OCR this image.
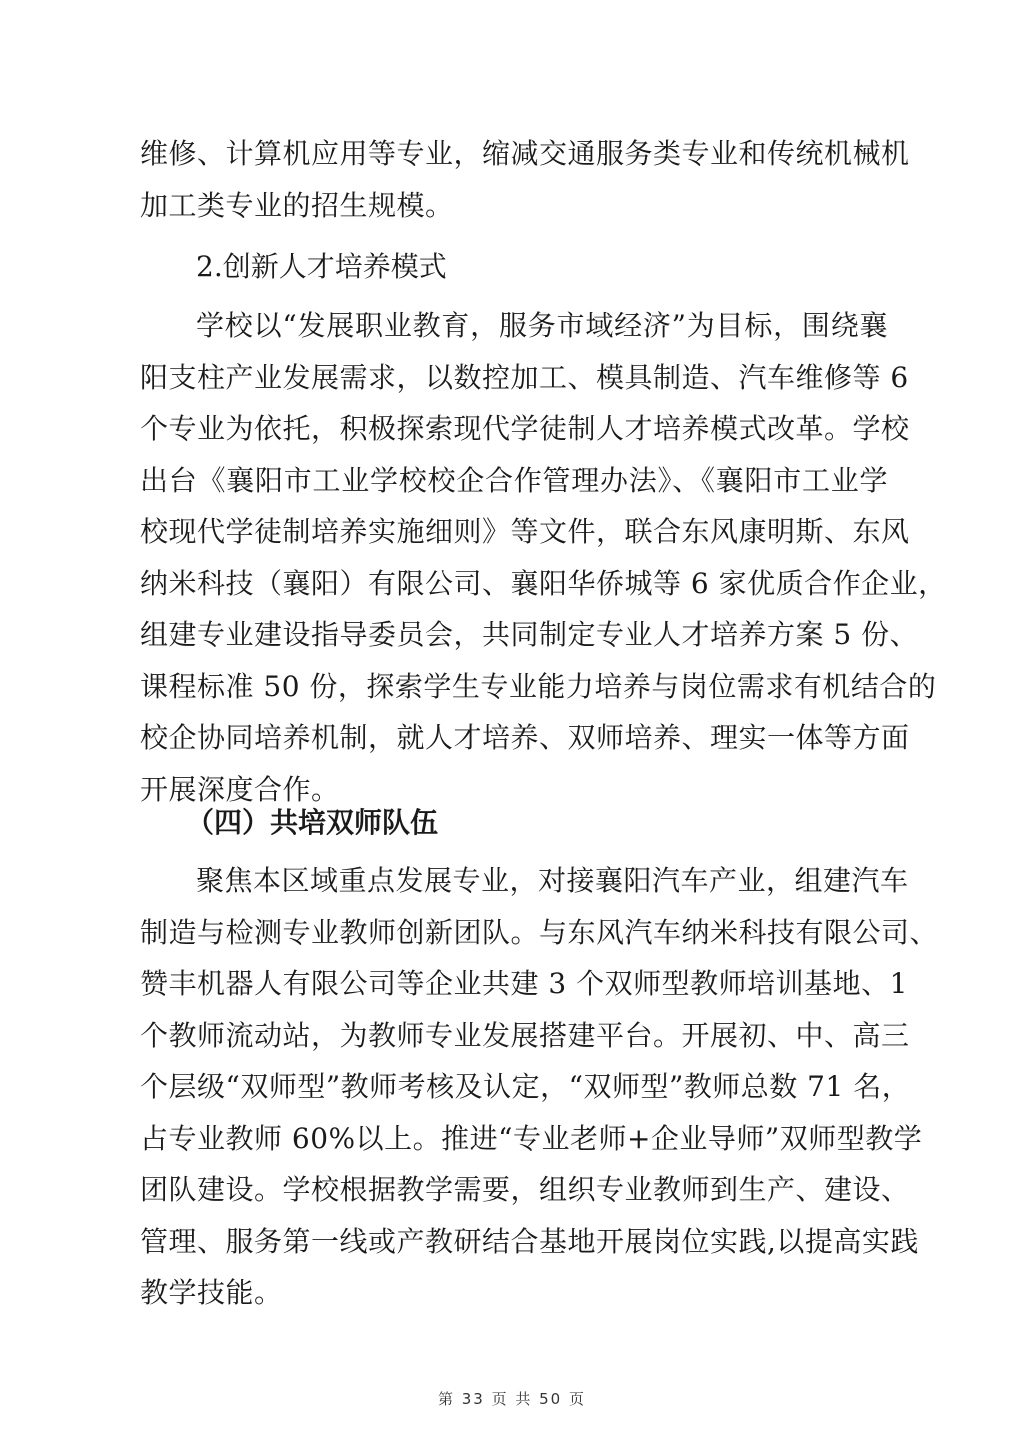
维修、计算机应用等专业，缩减交通服务类专业和传统机械机
加工类专业的招生规模。
2.创新人才培养模式
学校以“发展职业教育，服务市域经济”为目标，围绕襄
阳支柱产业发展需求，以数控加工、模具制造、汽车维修等 6
个专业为依托，积极探索现代学徒制人才培养模式改革。学校
出台《襄阳市工业学校校企合作管理办法》、《襄阳市工业学
校现代学徒制培养实施细则》等文件，联合东风康明斯、东风
纳米科技（襄阳）有限公司、襄阳华侨城等 6 家优质合作企业，
组建专业建设指导委员会，共同制定专业人才培养方案 5 份、
课程标准 50 份，探索学生专业能力培养与岗位需求有机结合的
校企协同培养机制，就人才培养、双师培养、理实一体等方面
开展深度合作。
（四）共培双师队伍
聚焦本区域重点发展专业，对接襄阳汽车产业，组建汽车
制造与检测专业教师创新团队。与东风汽车纳米科技有限公司、
赞丰机器人有限公司等企业共建 3 个双师型教师培训基地、1
个教师流动站，为教师专业发展搭建平台。开展初、中、高三
个层级“双师型”教师考核及认定，“双师型”教师总数 71 名，
占专业教师 60%以上。推进“专业老师+企业导师”双师型教学
团队建设。学校根据教学需要，组织专业教师到生产、建设、
管理、服务第一线或产教研结合基地开展岗位实践,以提高实践
教学技能。
第 33 页 共 50 页
